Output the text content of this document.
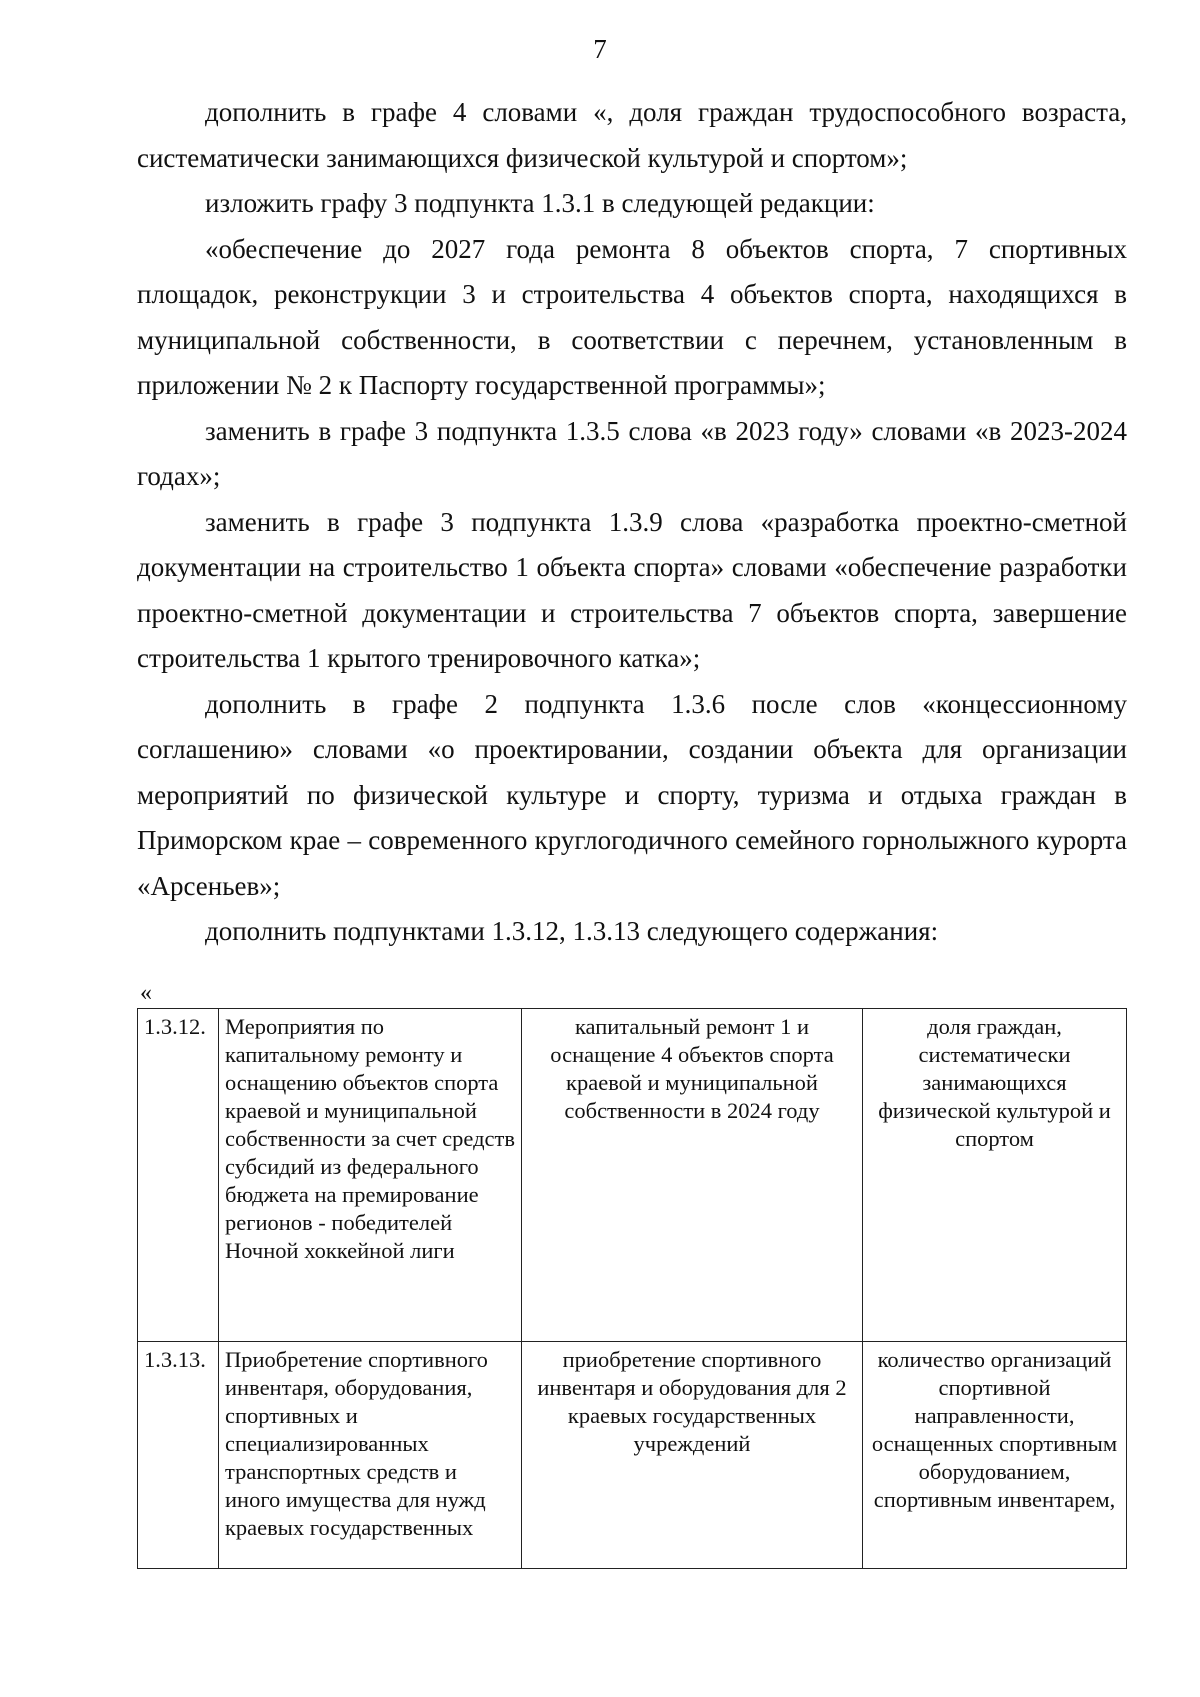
7

дополнить в графе 4 словами «, доля граждан трудоспособного возраста, систематически занимающихся физической культурой и спортом»;

изложить графу 3 подпункта 1.3.1 в следующей редакции:

«обеспечение до 2027 года ремонта 8 объектов спорта, 7 спортивных площадок, реконструкции 3 и строительства 4 объектов спорта, находящихся в муниципальной собственности, в соответствии с перечнем, установленным в приложении № 2 к Паспорту государственной программы»;

заменить в графе 3 подпункта 1.3.5 слова «в 2023 году» словами «в 2023-2024 годах»;

заменить в графе 3 подпункта 1.3.9 слова «разработка проектно-сметной документации на строительство 1 объекта спорта» словами «обеспечение разработки проектно-сметной документации и строительства 7 объектов спорта, завершение строительства 1 крытого тренировочного катка»;

дополнить в графе 2 подпункта 1.3.6 после слов «концессионному соглашению» словами «о проектировании, создании объекта для организации мероприятий по физической культуре и спорту, туризма и отдыха граждан в Приморском крае – современного круглогодичного семейного горнолыжного курорта «Арсеньев»;

дополнить подпунктами 1.3.12, 1.3.13 следующего содержания:

«
1.3.12.	Мероприятия по капитальному ремонту и оснащению объектов спорта краевой и муниципальной собственности за счет средств субсидий из федерального бюджета на премирование регионов - победителей Ночной хоккейной лиги	капитальный ремонт 1 и оснащение 4 объектов спорта краевой и муниципальной собственности в 2024 году	доля граждан, систематически занимающихся физической культурой и спортом
1.3.13.	Приобретение спортивного инвентаря, оборудования, спортивных и специализированных транспортных средств и иного имущества для нужд краевых государственных	приобретение спортивного инвентаря и оборудования для 2 краевых государственных учреждений	количество организаций спортивной направленности, оснащенных спортивным оборудованием, спортивным инвентарем,
